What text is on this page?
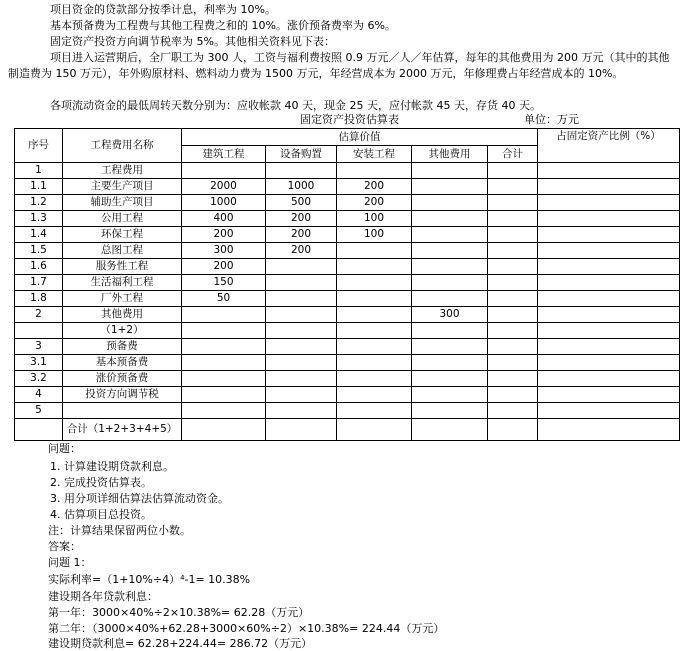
项目资金的贷款部分按季计息，利率为 10%。
基本预备费为工程费与其他工程费之和的 10%。涨价预备费率为 6%。
固定资产投资方向调节税率为 5%。其他相关资料见下表：
项目进入运营期后，全厂职工为 300 人，工资与福利费按照 0.9 万元／人／年估算，每年的其他费用为 200 万元（其中的其他制造费为 150 万元），年外购原材料、燃料动力费为 1500 万元，年经营成本为 2000 万元，年修理费占年经营成本的 10%。
各项流动资金的最低周转天数分别为：应收帐款 40 天，现金 25 天，应付帐款 45 天，存货 40 天。
固定资产投资估算表	单位：万元
序号	工程费用名称	估算价值					占固定资产比例（%）
		建筑工程	设备购置	安装工程	其他费用	合计	
1	工程费用						
1.1	主要生产项目	2000	1000	200			
1.2	辅助生产项目	1000	500	200			
1.3	公用工程	400	200	100			
1.4	环保工程	200	200	100			
1.5	总图工程	300	200				
1.6	服务性工程	200					
1.7	生活福利工程	150					
1.8	厂外工程	50					
2	其他费用				300		
	（1+2）						
3	预备费						
3.1	基本预备费						
3.2	涨价预备费						
4	投资方向调节税						
5							
	合计（1+2+3+4+5）						
问题：
1. 计算建设期贷款利息。
2. 完成投资估算表。
3. 用分项详细估算法估算流动资金。
4. 估算项目总投资。
注：计算结果保留两位小数。
答案：
问题 1：
实际利率=（1+10%÷4）⁴-1= 10.38%
建设期各年贷款利息：
第一年：3000×40%÷2×10.38%= 62.28（万元）
第二年：（3000×40%+62.28+3000×60%÷2）×10.38%= 224.44（万元）
建设期贷款利息= 62.28+224.44= 286.72（万元）
